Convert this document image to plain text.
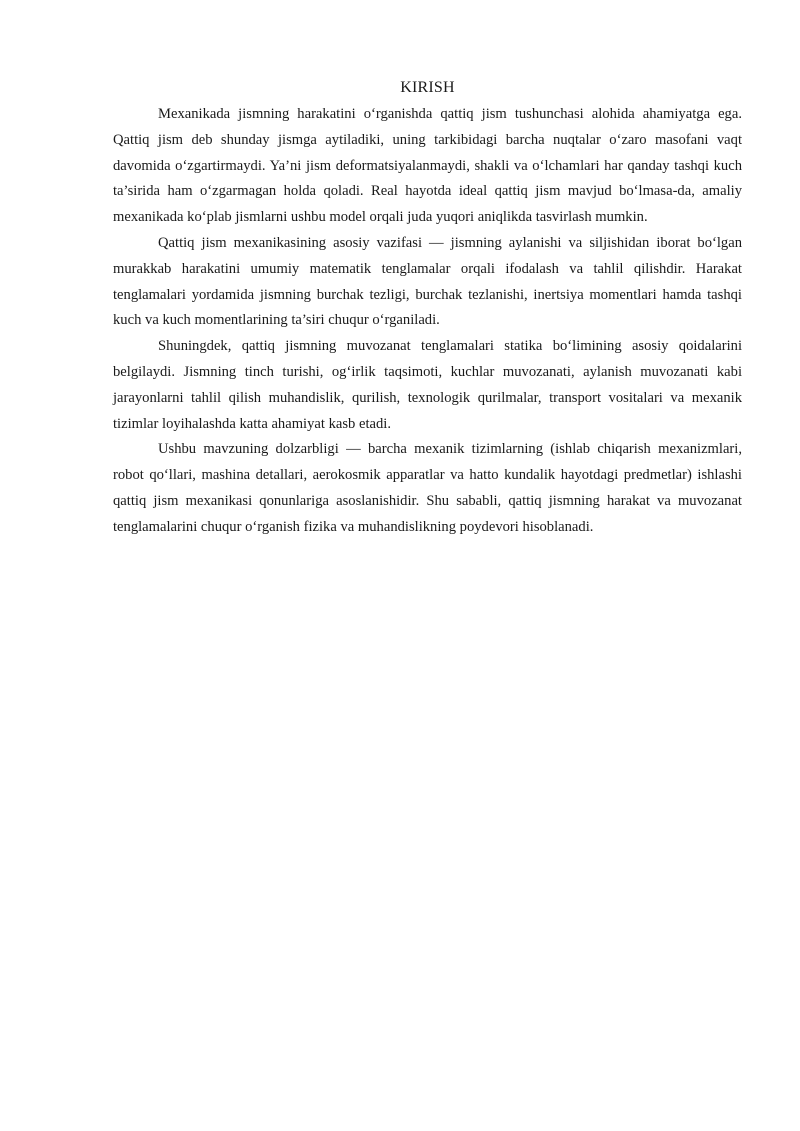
KIRISH

Mexanikada jismning harakatini o‘rganishda qattiq jism tushunchasi alohida ahamiyatga ega. Qattiq jism deb shunday jismga aytiladiki, uning tarkibidagi barcha nuqtalar o‘zaro masofani vaqt davomida o‘zgartirmaydi. Ya’ni jism deformatsiyalanmaydi, shakli va o‘lchamlari har qanday tashqi kuch ta’sirida ham o‘zgarmagan holda qoladi. Real hayotda ideal qattiq jism mavjud bo‘lmasa-da, amaliy mexanikada ko‘plab jismlarni ushbu model orqali juda yuqori aniqlikda tasvirlash mumkin.

Qattiq jism mexanikasining asosiy vazifasi — jismning aylanishi va siljishidan iborat bo‘lgan murakkab harakatini umumiy matematik tenglamalar orqali ifodalash va tahlil qilishdir. Harakat tenglamalari yordamida jismning burchak tezligi, burchak tezlanishi, inertsiya momentlari hamda tashqi kuch va kuch momentlarining ta’siri chuqur o‘rganiladi.

Shuningdek, qattiq jismning muvozanat tenglamalari statika bo‘limining asosiy qoidalarini belgilaydi. Jismning tinch turishi, og‘irlik taqsimoti, kuchlar muvozanati, aylanish muvozanati kabi jarayonlarni tahlil qilish muhandislik, qurilish, texnologik qurilmalar, transport vositalari va mexanik tizimlar loyihalashda katta ahamiyat kasb etadi.

Ushbu mavzuning dolzarbligi — barcha mexanik tizimlarning (ishlab chiqarish mexanizmlari, robot qo‘llari, mashina detallari, aerokosmik apparatlar va hatto kundalik hayotdagi predmetlar) ishlashi qattiq jism mexanikasi qonunlariga asoslanishidir. Shu sababli, qattiq jismning harakat va muvozanat tenglamalarini chuqur o‘rganish fizika va muhandislikning poydevori hisoblanadi.
